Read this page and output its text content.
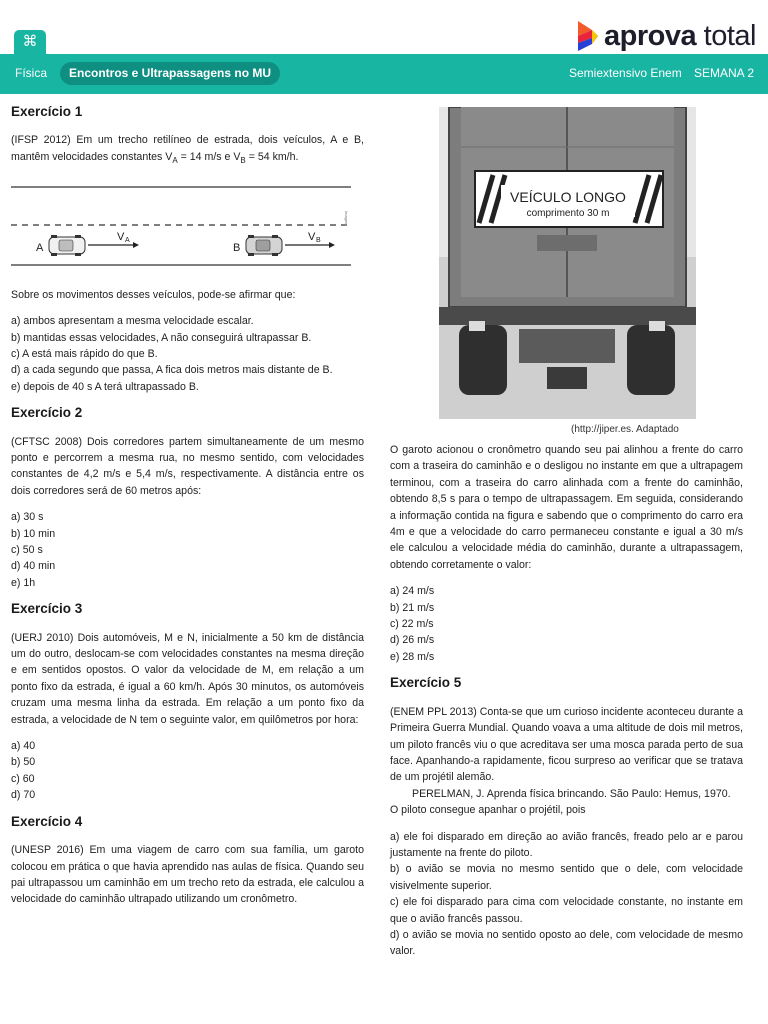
⌘	aprova total
Física	Encontros e Ultrapassagens no MU	Semiextensivo Enem SEMANA 2
Exercício 1

(IFSP 2012) Em um trecho retilíneo de estrada, dois veículos, A e B, mantêm velocidades constantes $V_A = 14$ m/s e $V_B = 54$ km/h.

Imagem
A
V A
B
V B

Sobre os movimentos desses veículos, pode-se afirmar que:

a) ambos apresentam a mesma velocidade escalar.
b) mantidas essas velocidades, A não conseguirá ultrapassar B.
c) A está mais rápido do que B.
d) a cada segundo que passa, A fica dois metros mais distante de B.
e) depois de 40 s A terá ultrapassado B.
Exercício 2

(CFTSC 2008) Dois corredores partem simultaneamente de um mesmo ponto e percorrem a mesma rua, no mesmo sentido, com velocidades constantes de 4,2 m/s e 5,4 m/s, respectivamente. A distância entre os dois corredores será de 60 metros após:

a) 30 s
b) 10 min
c) 50 s
d) 40 min
e) 1h
Exercício 3

(UERJ 2010) Dois automóveis, M e N, inicialmente a 50 km de distância um do outro, deslocam-se com velocidades constantes na mesma direção e em sentidos opostos. O valor da velocidade de M, em relação a um ponto fixo da estrada, é igual a 60 km/h. Após 30 minutos, os automóveis cruzam uma mesma linha da estrada. Em relação a um ponto fixo da estrada, a velocidade de N tem o seguinte valor, em quilômetros por hora:

a) 40
b) 50
c) 60
d) 70
Exercício 4

(UNESP 2016) Em uma viagem de carro com sua família, um garoto colocou em prática o que havia aprendido nas aulas de física. Quando seu pai ultrapassou um caminhão em um trecho reto da estrada, ele calculou a velocidade do caminhão ultrapado utilizando um cronômetro.

VEÍCULO LONGO
comprimento 30 m
(http://jiper.es. Adaptado

O garoto acionou o cronômetro quando seu pai alinhou a frente do carro com a traseira do caminhão e o desligou no instante em que a ultrapagem terminou, com a traseira do carro alinhada com a frente do caminhão, obtendo 8,5 s para o tempo de ultrapassagem. Em seguida, considerando a informação contida na figura e sabendo que o comprimento do carro era 4m e que a velocidade do carro permaneceu constante e igual a 30 m/s ele calculou a velocidade média do caminhão, durante a ultrapassagem, obtendo corretamente o valor:

a) 24 m/s
b) 21 m/s
c) 22 m/s
d) 26 m/s
e) 28 m/s
Exercício 5

(ENEM PPL 2013) Conta-se que um curioso incidente aconteceu durante a Primeira Guerra Mundial. Quando voava a uma altitude de dois mil metros, um piloto francês viu o que acreditava ser uma mosca parada perto de sua face. Apanhando-a rapidamente, ficou surpreso ao verificar que se tratava de um projétil alemão.

PERELMAN, J. Aprenda física brincando. São Paulo: Hemus, 1970.

O piloto consegue apanhar o projétil, pois

a) ele foi disparado em direção ao avião francês, freado pelo ar e parou justamente na frente do piloto.
b) o avião se movia no mesmo sentido que o dele, com velocidade visivelmente superior.
c) ele foi disparado para cima com velocidade constante, no instante em que o avião francês passou.
d) o avião se movia no sentido oposto ao dele, com velocidade de mesmo valor.
